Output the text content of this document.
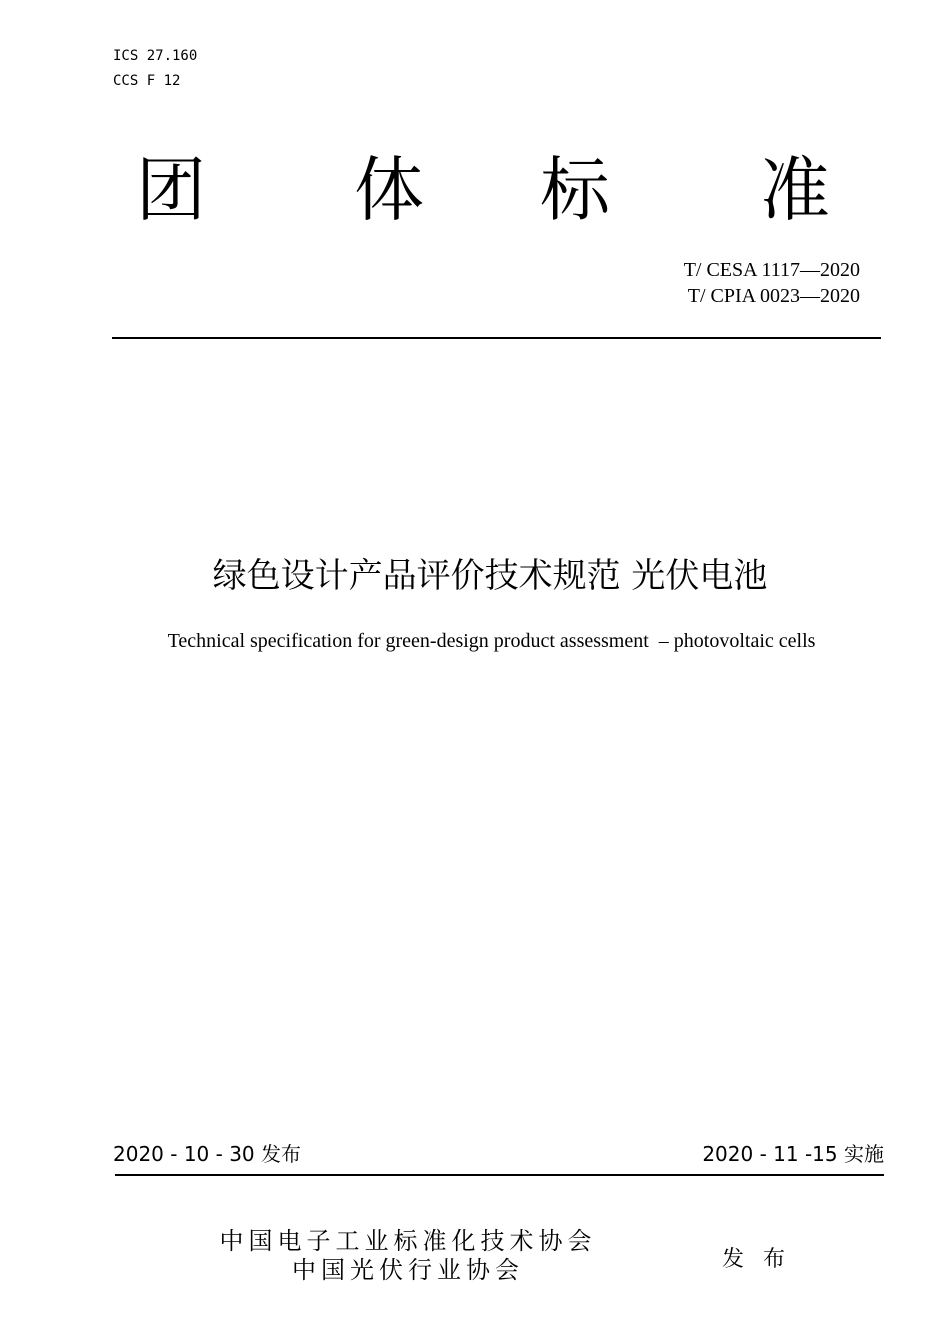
ICS 27.160
CCS F 12
团 体 标 准
T/ CESA 1117—2020
T/ CPIA 0023—2020
绿色设计产品评价技术规范 光伏电池
Technical specification for green-design product assessment  – photovoltaic cells
2020 - 10 - 30 发布	2020 - 11 -15 实施
中国电子工业标准化技术协会
中国光伏行业协会	发 布
